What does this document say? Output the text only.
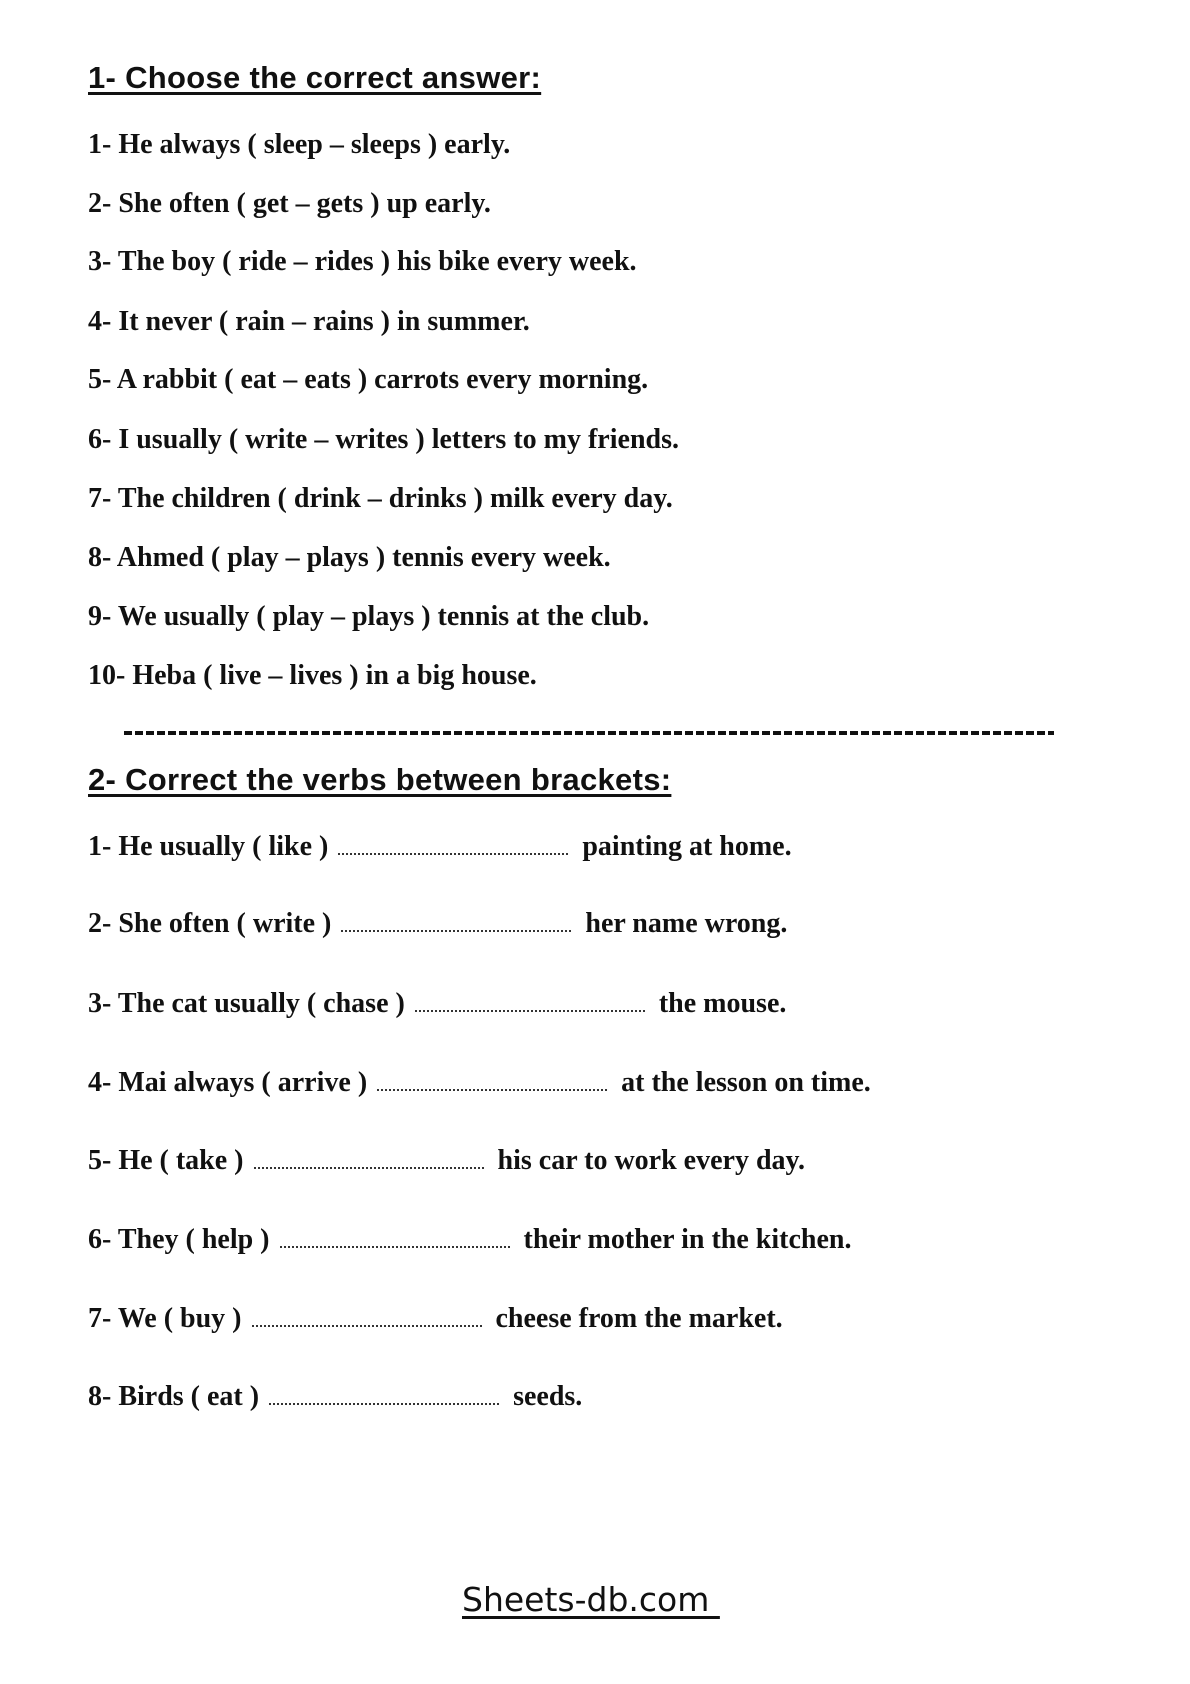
1- Choose the correct answer:
1- He always ( sleep – sleeps ) early.
2- She often ( get – gets ) up early.
3- The boy ( ride – rides ) his bike every week.
4- It never ( rain – rains ) in summer.
5- A rabbit ( eat – eats ) carrots every morning.
6- I usually ( write – writes ) letters to my friends.
7- The children ( drink – drinks ) milk every day.
8- Ahmed ( play – plays ) tennis every week.
9- We usually ( play – plays ) tennis at the club.
10- Heba ( live – lives ) in a big house.
2- Correct the verbs between brackets:
1- He usually ( like )	painting at home.
2- She often ( write )	her name wrong.
3- The cat usually ( chase )	the mouse.
4- Mai always ( arrive )	at the lesson on time.
5- He ( take )	his car to work every day.
6- They ( help )	their mother in the kitchen.
7- We ( buy )	cheese from the market.
8- Birds ( eat )	seeds.
Sheets-db.com
